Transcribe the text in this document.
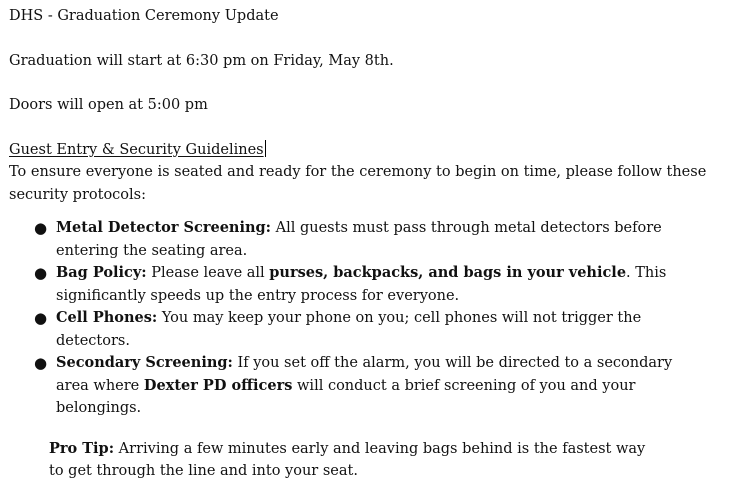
DHS - Graduation Ceremony Update

Graduation will start at 6:30 pm on Friday, May 8th.

Doors will open at 5:00 pm

Guest Entry & Security Guidelines

To ensure everyone is seated and ready for the ceremony to begin on time, please follow these security protocols:

● Metal Detector Screening: All guests must pass through metal detectors before entering the seating area.
● Bag Policy: Please leave all purses, backpacks, and bags in your vehicle. This significantly speeds up the entry process for everyone.
● Cell Phones: You may keep your phone on you; cell phones will not trigger the detectors.
● Secondary Screening: If you set off the alarm, you will be directed to a secondary area where Dexter PD officers will conduct a brief screening of you and your belongings.

Pro Tip: Arriving a few minutes early and leaving bags behind is the fastest way to get through the line and into your seat.
